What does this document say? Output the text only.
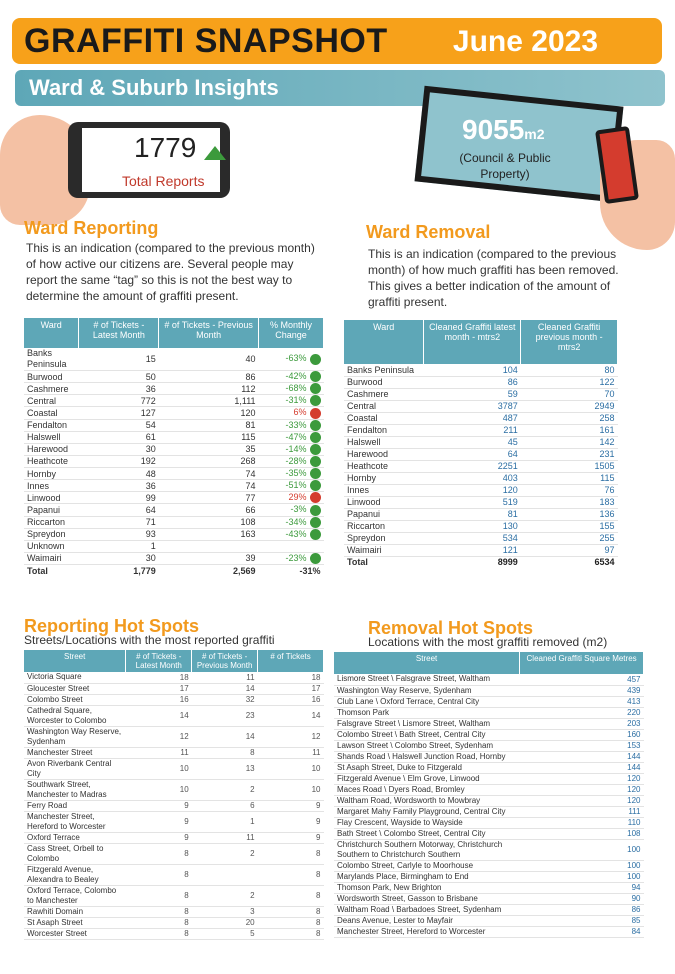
GRAFFITI SNAPSHOT June 2023
Ward & Suburb Insights
1779
Total Reports
9055m2
(Council & Public Property)
Ward Reporting
This is an indication (compared to the previous month) of how active our citizens are. Several people may report the same “tag” so this is not the best way to determine the amount of graffiti present.
Ward	# of Tickets - Latest Month	# of Tickets - Previous Month	% Monthly Change
Banks Peninsula	15	40	-63%
Burwood	50	86	-42%
Cashmere	36	112	-68%
Central	772	1,111	-31%
Coastal	127	120	6%
Fendalton	54	81	-33%
Halswell	61	115	-47%
Harewood	30	35	-14%
Heathcote	192	268	-28%
Hornby	48	74	-35%
Innes	36	74	-51%
Linwood	99	77	29%
Papanui	64	66	-3%
Riccarton	71	108	-34%
Spreydon	93	163	-43%
Unknown	1		
Waimairi	30	39	-23%
Total	1,779	2,569	-31%
Ward Removal
This is an indication (compared to the previous month) of how much graffiti has been removed. This gives a better indication of the amount of graffiti present.
Ward	Cleaned Graffiti latest month - mtrs2	Cleaned Graffiti previous month - mtrs2
Banks Peninsula	104	80
Burwood	86	122
Cashmere	59	70
Central	3787	2949
Coastal	487	258
Fendalton	211	161
Halswell	45	142
Harewood	64	231
Heathcote	2251	1505
Hornby	403	115
Innes	120	76
Linwood	519	183
Papanui	81	136
Riccarton	130	155
Spreydon	534	255
Waimairi	121	97
Total	8999	6534
Reporting Hot Spots
Streets/Locations with the most reported graffiti
Street	# of Tickets - Latest Month	# of Tickets - Previous Month	# of Tickets
Victoria Square	18	11	18
Gloucester Street	17	14	17
Colombo Street	16	32	16
Cathedral Square, Worcester to Colombo	14	23	14
Washington Way Reserve, Sydenham	12	14	12
Manchester Street	11	8	11
Avon Riverbank Central City	10	13	10
Southwark Street, Manchester to Madras	10	2	10
Ferry Road	9	6	9
Manchester Street, Hereford to Worcester	9	1	9
Oxford Terrace	9	11	9
Cass Street, Orbell to Colombo	8	2	8
Fitzgerald Avenue, Alexandra to Bealey	8		8
Oxford Terrace, Colombo to Manchester	8	2	8
Rawhiti Domain	8	3	8
St Asaph Street	8	20	8
Worcester Street	8	5	8
Removal Hot Spots
Locations with the most graffiti removed (m2)
Street	Cleaned Graffiti Square Metres
Lismore Street \ Falsgrave Street, Waltham	457
Washington Way Reserve, Sydenham	439
Club Lane \ Oxford Terrace, Central City	413
Thomson Park	220
Falsgrave Street \ Lismore Street, Waltham	203
Colombo Street \ Bath Street, Central City	160
Lawson Street \ Colombo Street, Sydenham	153
Shands Road \ Halswell Junction Road, Hornby	144
St Asaph Street, Duke to Fitzgerald	144
Fitzgerald Avenue \ Elm Grove, Linwood	120
Maces Road \ Dyers Road, Bromley	120
Waltham Road, Wordsworth to Mowbray	120
Margaret Mahy Family Playground, Central City	111
Flay Crescent, Wayside to Wayside	110
Bath Street \ Colombo Street, Central City	108
Christchurch Southern Motorway, Christchurch Southern to Christchurch Southern	100
Colombo Street, Carlyle to Moorhouse	100
Marylands Place, Birmingham to End	100
Thomson Park, New Brighton	94
Wordsworth Street, Gasson to Brisbane	90
Waltham Road \ Barbadoes Street, Sydenham	86
Deans Avenue, Lester to Mayfair	85
Manchester Street, Hereford to Worcester	84
